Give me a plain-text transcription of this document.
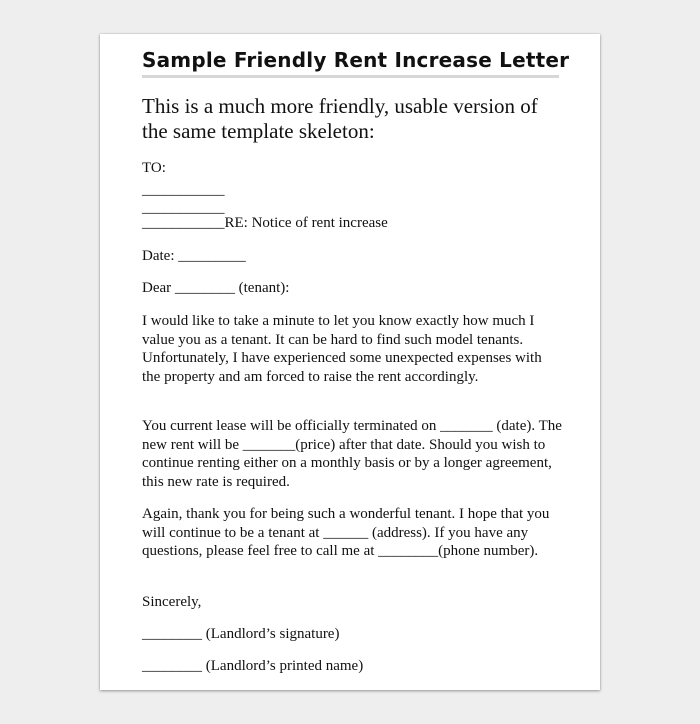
Sample Friendly Rent Increase Letter
This is a much more friendly, usable version of the same template skeleton:
TO:
___________
___________
___________RE: Notice of rent increase
Date: _________
Dear ________ (tenant):
I would like to take a minute to let you know exactly how much I value you as a tenant. It can be hard to find such model tenants. Unfortunately, I have experienced some unexpected expenses with the property and am forced to raise the rent accordingly.
You current lease will be officially terminated on _______ (date). The new rent will be _______(price) after that date. Should you wish to continue renting either on a monthly basis or by a longer agreement, this new rate is required.
Again, thank you for being such a wonderful tenant. I hope that you will continue to be a tenant at ______ (address). If you have any questions, please feel free to call me at ________(phone number).
Sincerely,
________ (Landlord’s signature)
________ (Landlord’s printed name)
